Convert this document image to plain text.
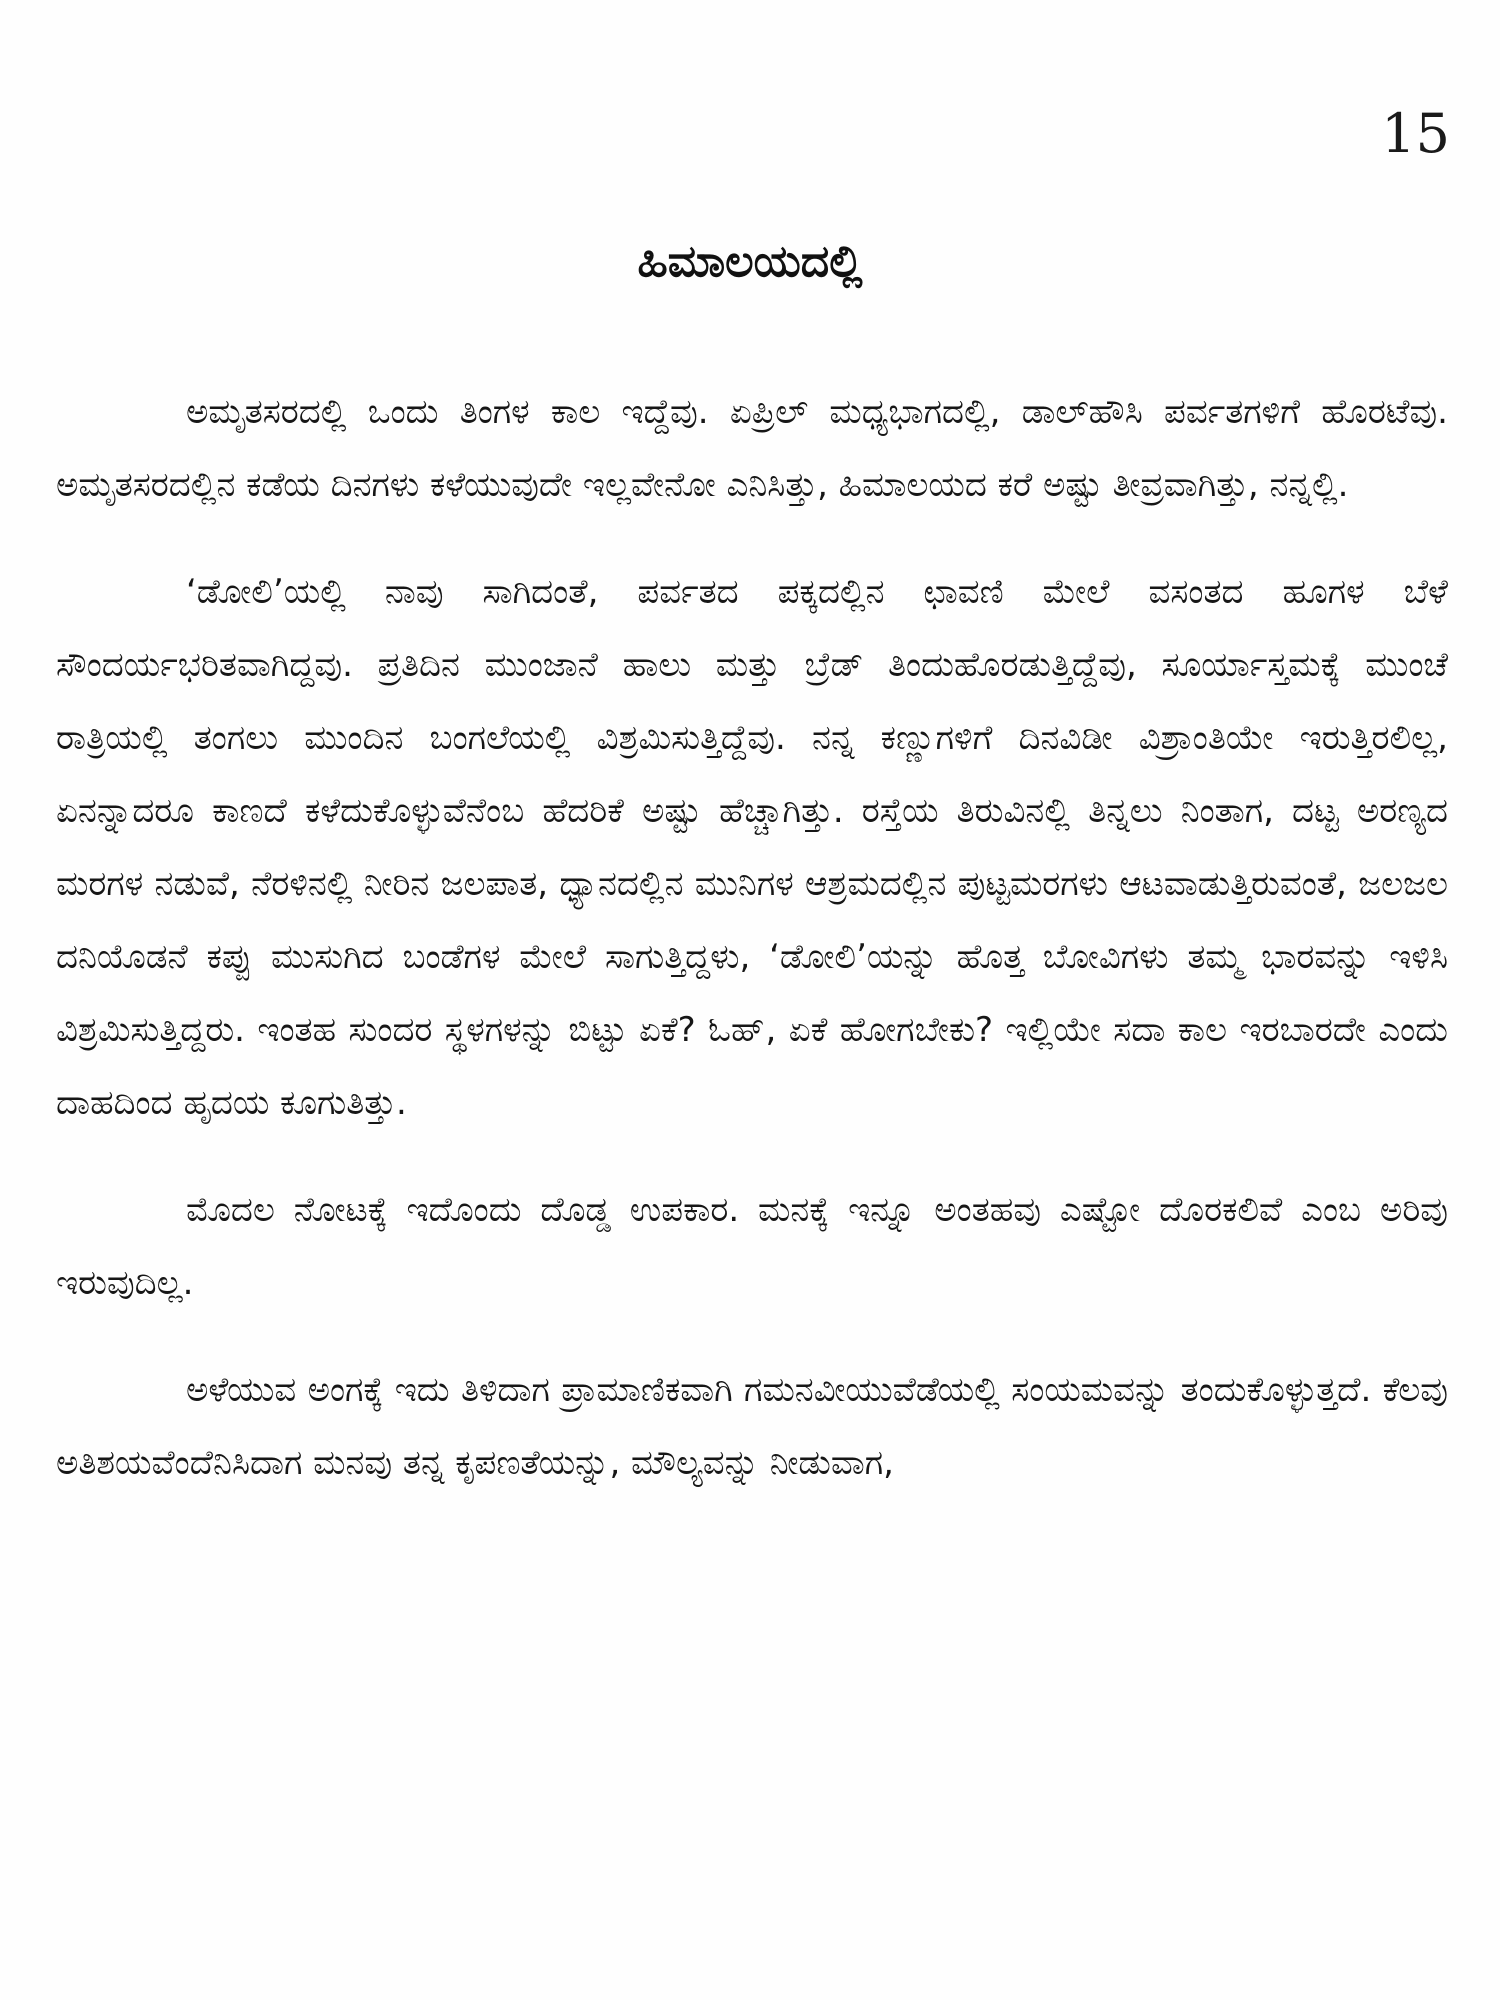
15
ಹಿಮಾಲಯದಲ್ಲಿ

ಅಮೃತಸರದಲ್ಲಿ ಒಂದು ತಿಂಗಳ ಕಾಲ ಇದ್ದೆವು. ಏಪ್ರಿಲ್ ಮಧ್ಯಭಾಗದಲ್ಲಿ, ಡಾಲ್‌ಹೌಸಿ ಪರ್ವತಗಳಿಗೆ ಹೊರಟೆವು. ಅಮೃತಸರದಲ್ಲಿನ ಕಡೆಯ ದಿನಗಳು ಕಳೆಯುವುದೇ ಇಲ್ಲವೇನೋ ಎನಿಸಿತ್ತು, ಹಿಮಾಲಯದ ಕರೆ ಅಷ್ಟು ತೀವ್ರವಾಗಿತ್ತು, ನನ್ನಲ್ಲಿ.

‘ಡೋಲಿ’ಯಲ್ಲಿ ನಾವು ಸಾಗಿದಂತೆ, ಪರ್ವತದ ಪಕ್ಕದಲ್ಲಿನ ಛಾವಣಿ ಮೇಲೆ ವಸಂತದ ಹೂಗಳ ಬೆಳೆ ಸೌಂದರ್ಯಭರಿತವಾಗಿದ್ದವು. ಪ್ರತಿದಿನ ಮುಂಜಾನೆ ಹಾಲು ಮತ್ತು ಬ್ರೆಡ್ ತಿಂದುಹೊರಡುತ್ತಿದ್ದೆವು, ಸೂರ್ಯಾಸ್ತಮಕ್ಕೆ ಮುಂಚೆ ರಾತ್ರಿಯಲ್ಲಿ ತಂಗಲು ಮುಂದಿನ ಬಂಗಲೆಯಲ್ಲಿ ವಿಶ್ರಮಿಸುತ್ತಿದ್ದೆವು. ನನ್ನ ಕಣ್ಣುಗಳಿಗೆ ದಿನವಿಡೀ ವಿಶ್ರಾಂತಿಯೇ ಇರುತ್ತಿರಲಿಲ್ಲ, ಏನನ್ನಾದರೂ ಕಾಣದೆ ಕಳೆದುಕೊಳ್ಳುವೆನೆಂಬ ಹೆದರಿಕೆ ಅಷ್ಟು ಹೆಚ್ಚಾಗಿತ್ತು. ರಸ್ತೆಯ ತಿರುವಿನಲ್ಲಿ ತಿನ್ನಲು ನಿಂತಾಗ, ದಟ್ಟ ಅರಣ್ಯದ ಮರಗಳ ನಡುವೆ, ನೆರಳಿನಲ್ಲಿ ನೀರಿನ ಜಲಪಾತ, ಧ್ಯಾನದಲ್ಲಿನ ಮುನಿಗಳ ಆಶ್ರಮದಲ್ಲಿನ ಪುಟ್ಟಮರಗಳು ಆಟವಾಡುತ್ತಿರುವಂತೆ, ಜಲಜಲ ದನಿಯೊಡನೆ ಕಪ್ಪು ಮುಸುಗಿದ ಬಂಡೆಗಳ ಮೇಲೆ ಸಾಗುತ್ತಿದ್ದಳು, ‘ಡೋಲಿ’ಯನ್ನು ಹೊತ್ತ ಬೋವಿಗಳು ತಮ್ಮ ಭಾರವನ್ನು ಇಳಿಸಿ ವಿಶ್ರಮಿಸುತ್ತಿದ್ದರು. ಇಂತಹ ಸುಂದರ ಸ್ಥಳಗಳನ್ನು ಬಿಟ್ಟು ಏಕೆ? ಓಹ್, ಏಕೆ ಹೋಗಬೇಕು? ಇಲ್ಲಿಯೇ ಸದಾ ಕಾಲ ಇರಬಾರದೇ ಎಂದು ದಾಹದಿಂದ ಹೃದಯ ಕೂಗುತಿತ್ತು.

ಮೊದಲ ನೋಟಕ್ಕೆ ಇದೊಂದು ದೊಡ್ಡ ಉಪಕಾರ. ಮನಕ್ಕೆ ಇನ್ನೂ ಅಂತಹವು ಎಷ್ಟೋ ದೊರಕಲಿವೆ ಎಂಬ ಅರಿವು ಇರುವುದಿಲ್ಲ.

ಅಳೆಯುವ ಅಂಗಕ್ಕೆ ಇದು ತಿಳಿದಾಗ ಪ್ರಾಮಾಣಿಕವಾಗಿ ಗಮನವೀಯುವೆಡೆಯಲ್ಲಿ ಸಂಯಮವನ್ನು ತಂದುಕೊಳ್ಳುತ್ತದೆ. ಕೆಲವು ಅತಿಶಯವೆಂದೆನಿಸಿದಾಗ ಮನವು ತನ್ನ ಕೃಪಣತೆಯನ್ನು, ಮೌಲ್ಯವನ್ನು ನೀಡುವಾಗ,
